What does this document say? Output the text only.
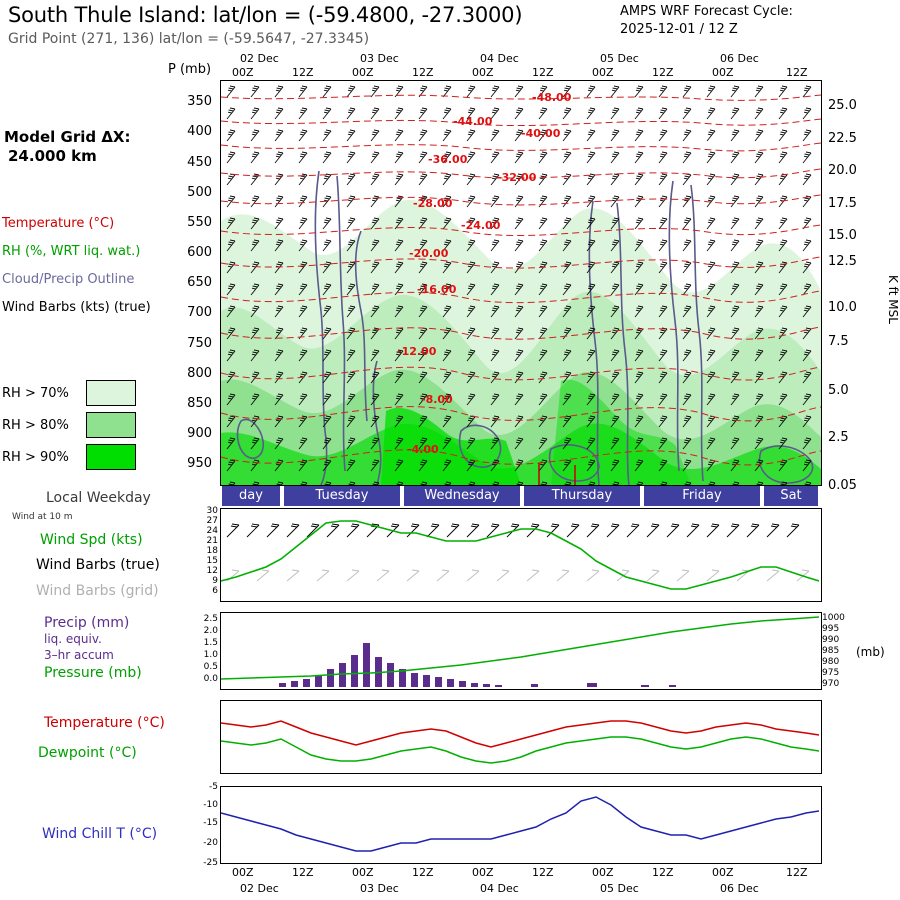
South Thule Island: lat/lon = (-59.4800, -27.3000)
Grid Point (271, 136) lat/lon = (-59.5647, -27.3345)
AMPS WRF Forecast Cycle:
2025-12-01 / 12 Z
Model Grid ΔX:
24.000 km
Temperature (°C)
RH (%, WRT liq. wat.)
Cloud/Precip Outline
Wind Barbs (kts) (true)
RH > 70%
RH > 80%
RH > 90%
Local Weekday
Wind at 10 m
Wind Spd (kts)
Wind Barbs (true)
Wind Barbs (grid)
Precip (mm)
liq. equiv.
3–hr accum
Pressure (mb)
Temperature (°C)
Dewpoint (°C)
Wind Chill T (°C)
P (mb)
02 Dec	03 Dec	04 Dec	05 Dec	06 Dec
00Z	12Z	00Z	12Z	00Z	12Z	00Z	12Z	00Z	12Z
350
400
450
500
550
600
650
700
750
800
850
900
950
25.0
22.5
20.0
17.5
15.0
12.5
10.0
7.5
5.0
2.5
0.05
K ft MSL
-48.00
-44.00
-40.00
-36.00
-32.00
-28.00
-24.00
-20.00
-16.00
-12.00
-8.00
-4.00
day	Tuesday	Wednesday	Thursday	Friday	Sat
30
27
24
21
18
15
12
9
6
2.5
2.0
1.5
1.0
0.5
0.0
1000
995
990
985
980
975
970
(mb)
-5
-10
-15
-20
-25
00Z	12Z	00Z	12Z	00Z	12Z	00Z	12Z	00Z	12Z
02 Dec	03 Dec	04 Dec	05 Dec	06 Dec
